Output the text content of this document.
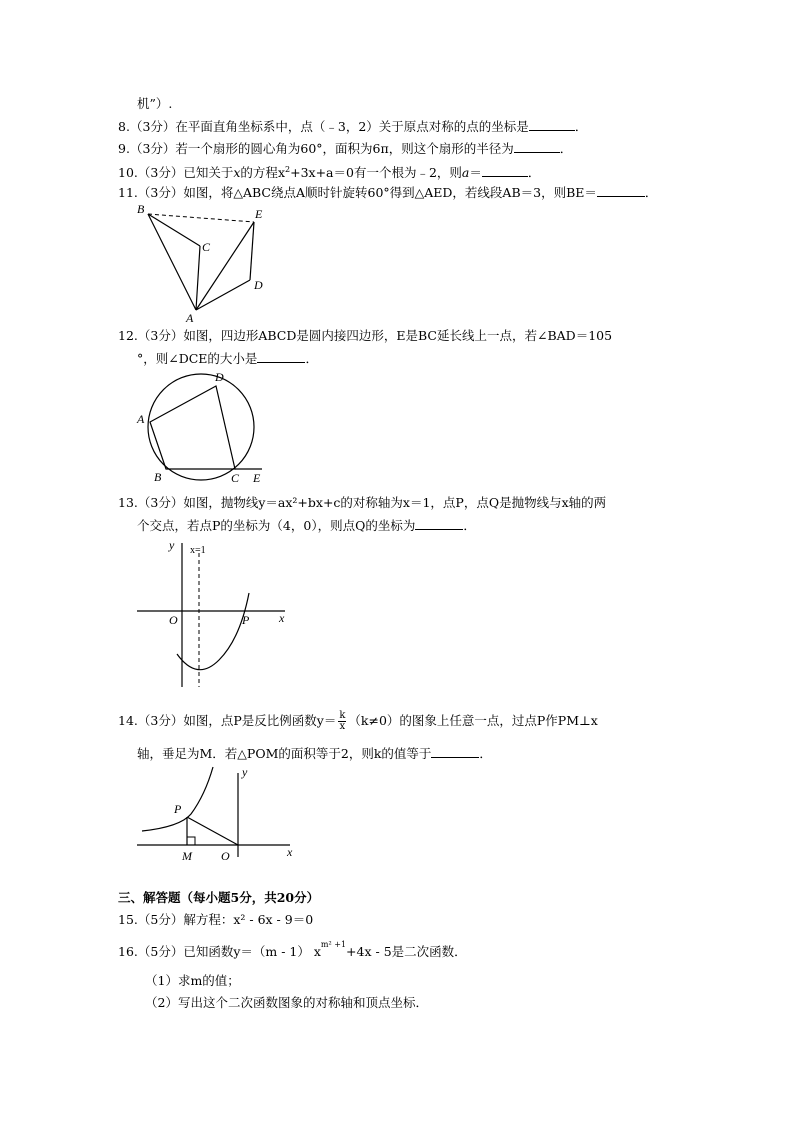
机”）.
8.（3分）在平面直角坐标系中，点（﹣3，2）关于原点对称的点的坐标是	．
9.（3分）若一个扇形的圆心角为60°，面积为6π，则这个扇形的半径为	．
10.（3分）已知关于x的方程$x^2+3x+a=0$有一个根为﹣2，则a＝	．
11.（3分）如图，将△ABC绕点A顺时针旋转60°得到△AED，若线段AB＝3，则BE＝	．
B	E
C
D
A
12.（3分）如图，四边形ABCD是圆内接四边形，E是BC延长线上一点，若∠BAD＝105
°，则∠DCE的大小是	．
D
A
B	C E
13.（3分）如图，抛物线y＝ax²+bx+c的对称轴为x＝1，点P，点Q是抛物线与x轴的两
个交点，若点P的坐标为（4，0），则点Q的坐标为	．
y x=1
O	P x
14.（3分）如图，点P是反比例函数$y= \frac{k}{x} (k\ne 0)$的图象上任意一点，过点P作PM⊥x
轴，垂足为M．若△POM的面积等于2，则k的值等于	．
y
P
M O	x
三、解答题（每小题5分，共20分）
15.（5分）解方程：x² - 6x - 9＝0
16.（5分）已知函数y＝（m - 1） $x^{m^2 +1}+4x - 5$是二次函数．
（1）求m的值；
（2）写出这个二次函数图象的对称轴和顶点坐标．
